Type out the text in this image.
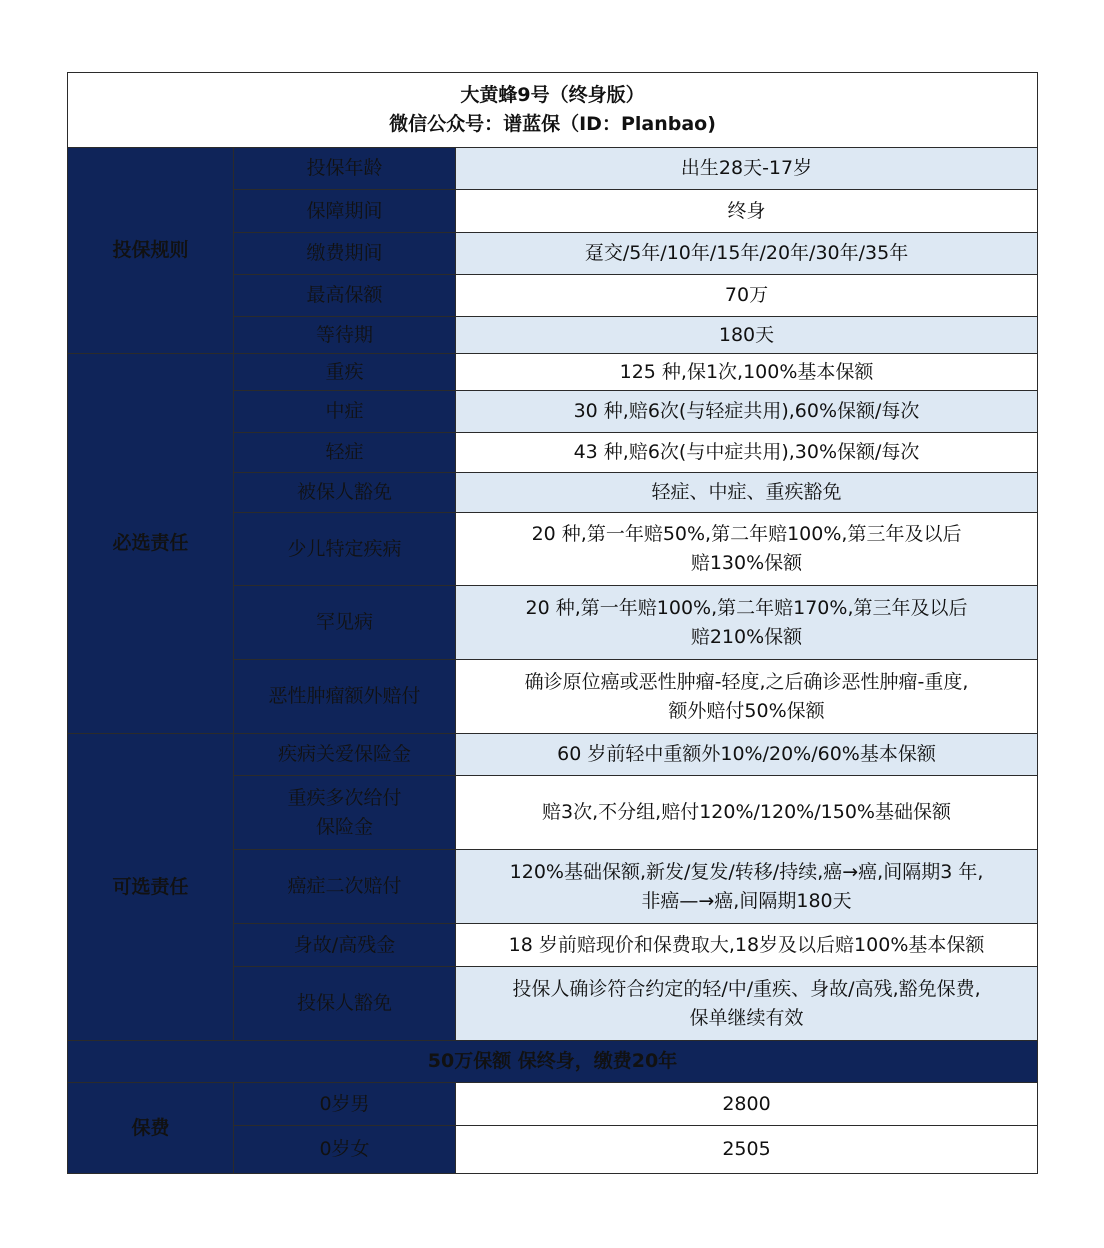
大黄蜂9号（终身版）
微信公众号：谱蓝保（ID：Planbao)		

投保规则	投保年龄	出生28天-17岁
	保障期间	终身
	缴费期间	趸交/5年/10年/15年/20年/30年/35年
	最高保额	70万
	等待期	180天
必选责任	重疾	125 种,保1次,100%基本保额
	中症	30 种,赔6次(与轻症共用),60%保额/每次
	轻症	43 种,赔6次(与中症共用),30%保额/每次
	被保人豁免	轻症、中症、重疾豁免
	少儿特定疾病	20 种,第一年赔50%,第二年赔100%,第三年及以后
赔130%保额

	罕见病	20 种,第一年赔100%,第二年赔170%,第三年及以后
赔210%保额

	恶性肿瘤额外赔付	确诊原位癌或恶性肿瘤-轻度,之后确诊恶性肿瘤-重度,
额外赔付50%保额

可选责任	疾病关爱保险金	60 岁前轻中重额外10%/20%/60%基本保额

	重疾多次给付
保险金	赔3次,不分组,赔付120%/120%/150%基础保额
	癌症二次赔付	120%基础保额,新发/复发/转移/持续,癌→癌,间隔期3 年,
非癌—→癌,间隔期180天

	身故/高残金	18 岁前赔现价和保费取大,18岁及以后赔100%基本保额
	投保人豁免	投保人确诊符合约定的轻/中/重疾、身故/高残,豁免保费,
保单继续有效

50万保额 保终身，缴费20年		
保费	0岁男	2800
	0岁女	2505
